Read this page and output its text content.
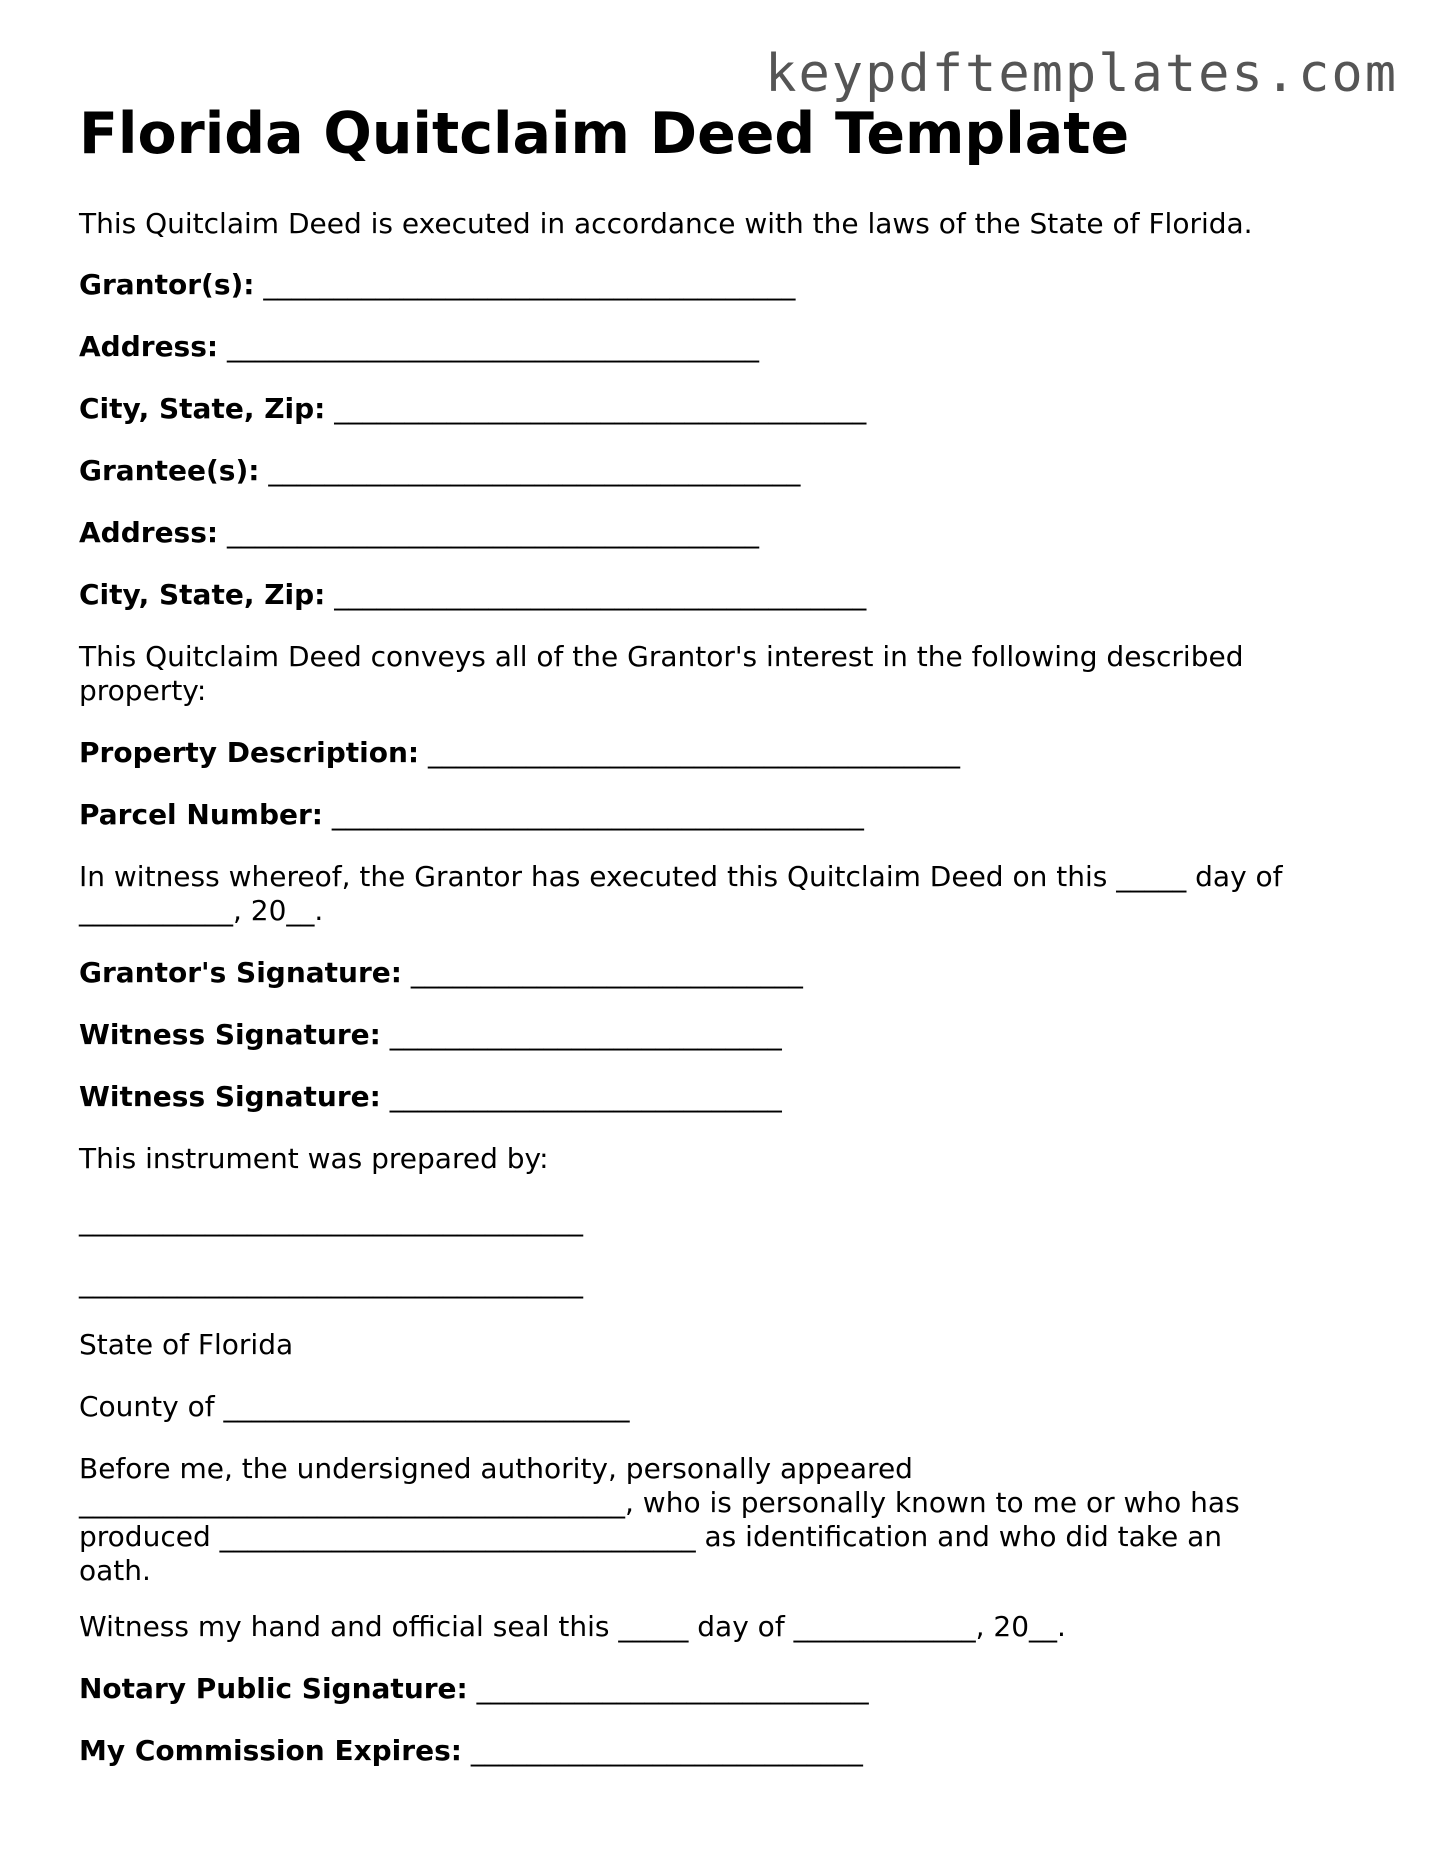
keypdftemplates.com

Florida Quitclaim Deed Template

This Quitclaim Deed is executed in accordance with the laws of the State of Florida.

Grantor(s): ______________________________________

Address: ______________________________________

City, State, Zip: ______________________________________

Grantee(s): ______________________________________

Address: ______________________________________

City, State, Zip: ______________________________________

This Quitclaim Deed conveys all of the Grantor's interest in the following described
property:

Property Description: ______________________________________

Parcel Number: ______________________________________

In witness whereof, the Grantor has executed this Quitclaim Deed on this _____ day of
___________, 20__.

Grantor's Signature: ____________________________

Witness Signature: ____________________________

Witness Signature: ____________________________

This instrument was prepared by:

____________________________________

____________________________________

State of Florida

County of _____________________________

Before me, the undersigned authority, personally appeared
_______________________________________, who is personally known to me or who has
produced __________________________________ as identification and who did take an
oath.

Witness my hand and official seal this _____ day of _____________, 20__.

Notary Public Signature: ____________________________

My Commission Expires: ____________________________
